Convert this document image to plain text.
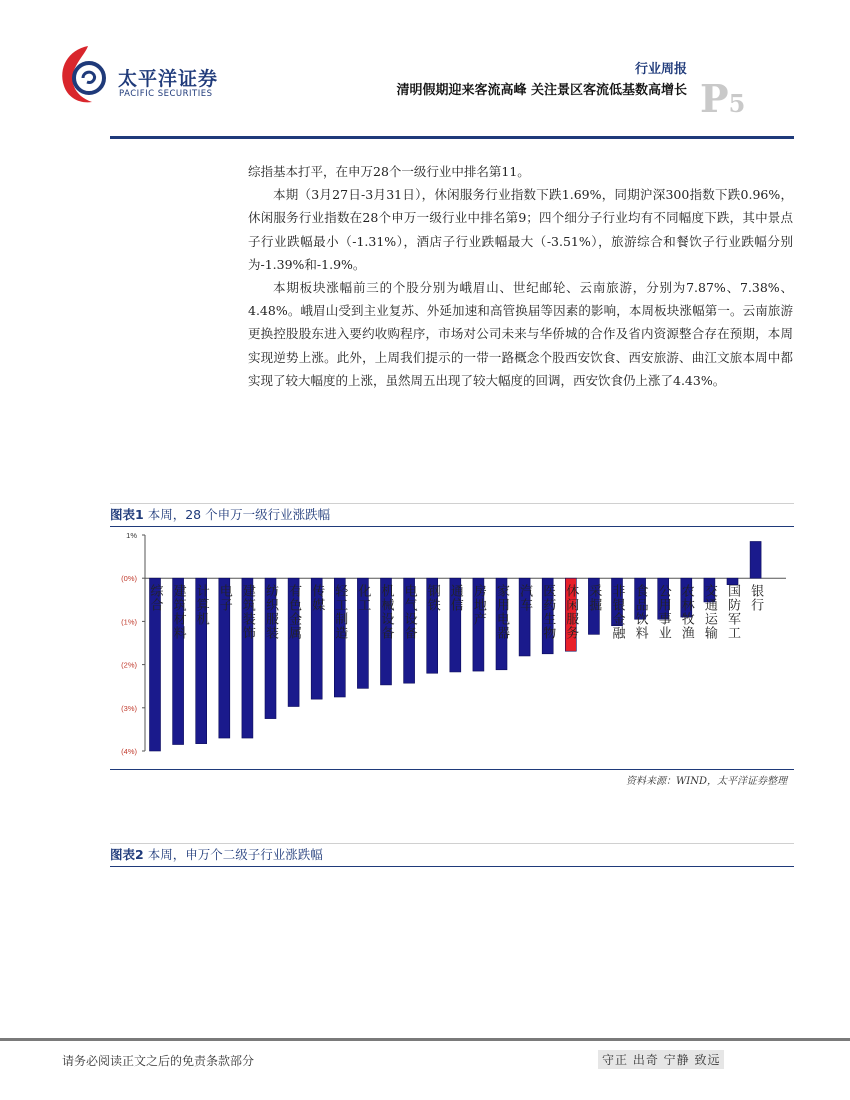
太平洋证券
PACIFIC SECURITIES
行业周报
清明假期迎来客流高峰 关注景区客流低基数高增长 P5

综指基本打平，在申万28个一级行业中排名第11。

本期（3月27日-3月31日），休闲服务行业指数下跌1.69%，同期沪深300指数下跌0.96%，休闲服务行业指数在28个申万一级行业中排名第9；四个细分子行业均有不同幅度下跌，其中景点子行业跌幅最小（-1.31%），酒店子行业跌幅最大（-3.51%），旅游综合和餐饮子行业跌幅分别为-1.39%和-1.9%。

本期板块涨幅前三的个股分别为峨眉山、世纪邮轮、云南旅游，分别为7.87%、7.38%、4.48%。峨眉山受到主业复苏、外延加速和高管换届等因素的影响，本周板块涨幅第一。云南旅游更换控股股东进入要约收购程序，市场对公司未来与华侨城的合作及省内资源整合存在预期，本周实现逆势上涨。此外，上周我们提示的一带一路概念个股西安饮食、西安旅游、曲江文旅本周中都实现了较大幅度的上涨，虽然周五出现了较大幅度的回调，西安饮食仍上涨了4.43%。

图表1 本周，28 个申万一级行业涨跌幅
1%
(0%)
(1%)
(2%)
(3%)
(4%)
综合 建筑材料 计算机 电子 建筑装饰 纺织服装 有色金属 传媒 轻工制造 化工 机械设备 电气设备 钢铁 通信 房地产 家用电器 汽车 医药生物 休闲服务 采掘 非银金融 食品饮料 公用事业 农林牧渔 交通运输 国防军工 银行
资料来源：WIND，太平洋证券整理
图表2 本周，申万个二级子行业涨跌幅
请务必阅读正文之后的免责条款部分	守正 出奇 宁静 致远
